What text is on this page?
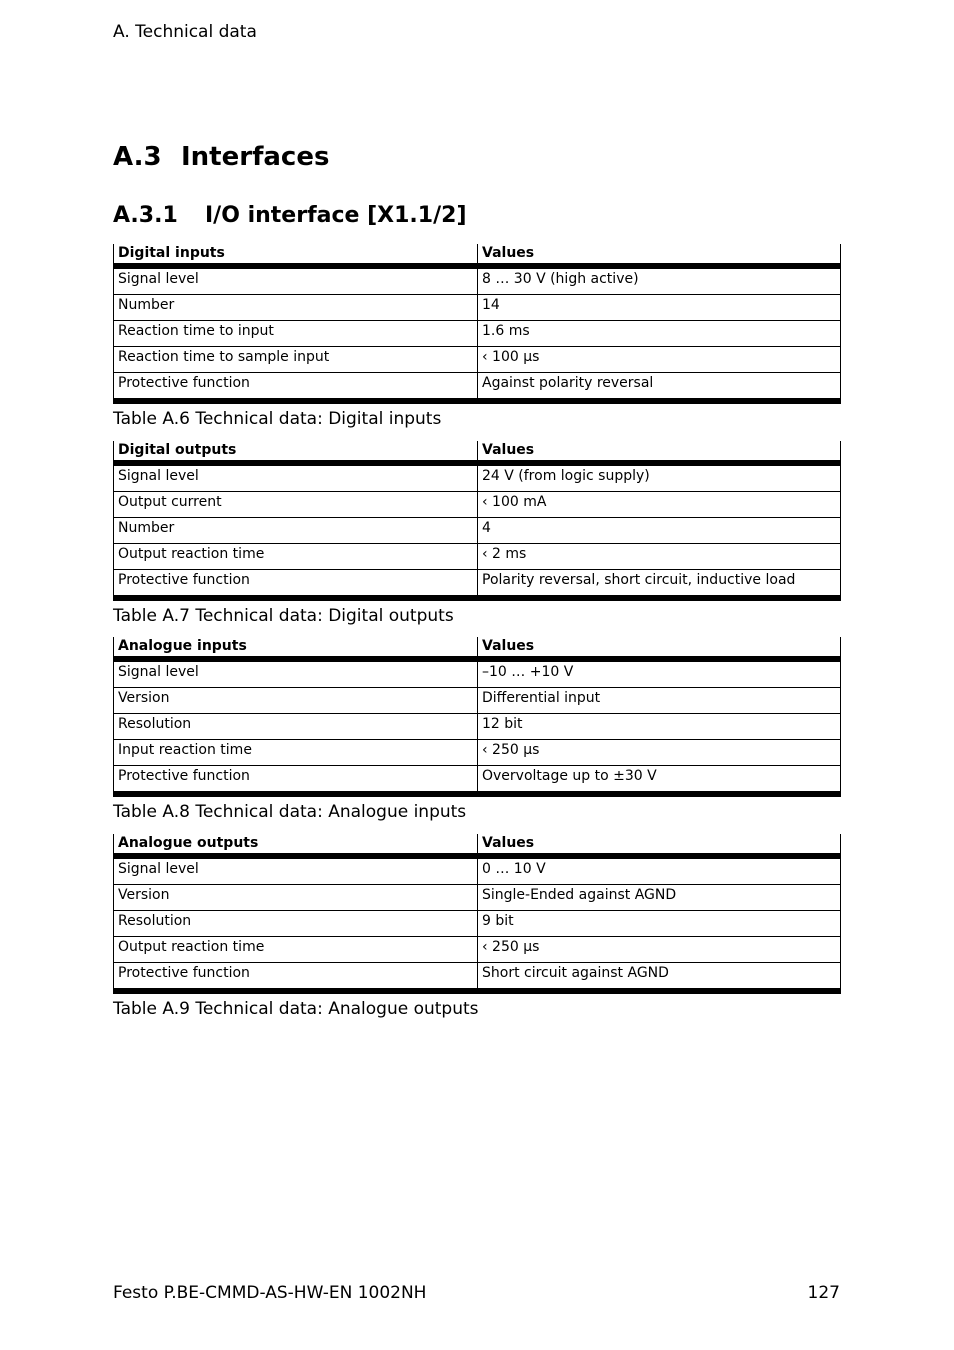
A. Technical data
A.3 Interfaces
A.3.1 I/O interface [X1.1/2]
Digital inputs	Values
Signal level	8 … 30 V (high active)
Number	14
Reaction time to input	1.6 ms
Reaction time to sample input	‹ 100 µs
Protective function	Against polarity reversal
Table A.6 Technical data: Digital inputs
Digital outputs	Values
Signal level	24 V (from logic supply)
Output current	‹ 100 mA
Number	4
Output reaction time	‹ 2 ms
Protective function	Polarity reversal, short circuit, inductive load
Table A.7 Technical data: Digital outputs
Analogue inputs	Values
Signal level	–10 … +10 V
Version	Differential input
Resolution	12 bit
Input reaction time	‹ 250 µs
Protective function	Overvoltage up to ±30 V
Table A.8 Technical data: Analogue inputs
Analogue outputs	Values
Signal level	0 … 10 V
Version	Single-Ended against AGND
Resolution	9 bit
Output reaction time	‹ 250 µs
Protective function	Short circuit against AGND
Table A.9 Technical data: Analogue outputs
Festo P.BE-CMMD-AS-HW-EN 1002NH	127
